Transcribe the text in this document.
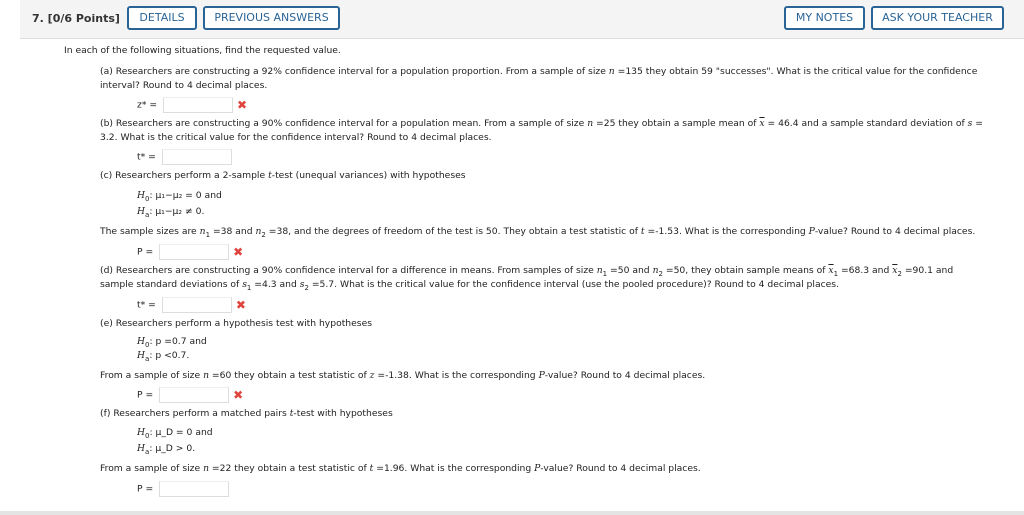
7. [0/6 Points]	DETAILS	PREVIOUS ANSWERS	MY NOTES	ASK YOUR TEACHER
In each of the following situations, find the requested value.
(a) Researchers are constructing a 92% confidence interval for a population proportion. From a sample of size n =135 they obtain 59 "successes". What is the critical value for the confidence
interval? Round to 4 decimal places.
z* =	✖
(b) Researchers are constructing a 90% confidence interval for a population mean. From a sample of size n =25 they obtain a sample mean of $\overline{x} = 46.4$ and a sample standard deviation of s =
3.2. What is the critical value for the confidence interval? Round to 4 decimal places.
t* =
(c) Researchers perform a 2-sample t-test (unequal variances) with hypotheses
$H_0$: μ₁−μ₂ = 0 and
$H_a$: μ₁−μ₂ ≠ 0.
The sample sizes are $n_1 =38$ and $n_2 =38$, and the degrees of freedom of the test is 50. They obtain a test statistic of t =-1.53. What is the corresponding P-value? Round to 4 decimal places.
P =	✖
(d) Researchers are constructing a 90% confidence interval for a difference in means. From samples of size $n_1 =50$ and $n_2 =50$, they obtain sample means of $\overline{x}_1 =68.3$ and $\overline{x}_2 =90.1$ and
sample standard deviations of $s_1 =4.3$ and $s_2 =5.7$. What is the critical value for the confidence interval (use the pooled procedure)? Round to 4 decimal places.
t* =	✖
(e) Researchers perform a hypothesis test with hypotheses
$H_0$: p =0.7 and
$H_a$: p <0.7.
From a sample of size n =60 they obtain a test statistic of z =-1.38. What is the corresponding P-value? Round to 4 decimal places.
P =	✖
(f) Researchers perform a matched pairs t-test with hypotheses
$H_0$: μ_D = 0 and
$H_a$: μ_D > 0.
From a sample of size n =22 they obtain a test statistic of t =1.96. What is the corresponding P-value? Round to 4 decimal places.
P =
